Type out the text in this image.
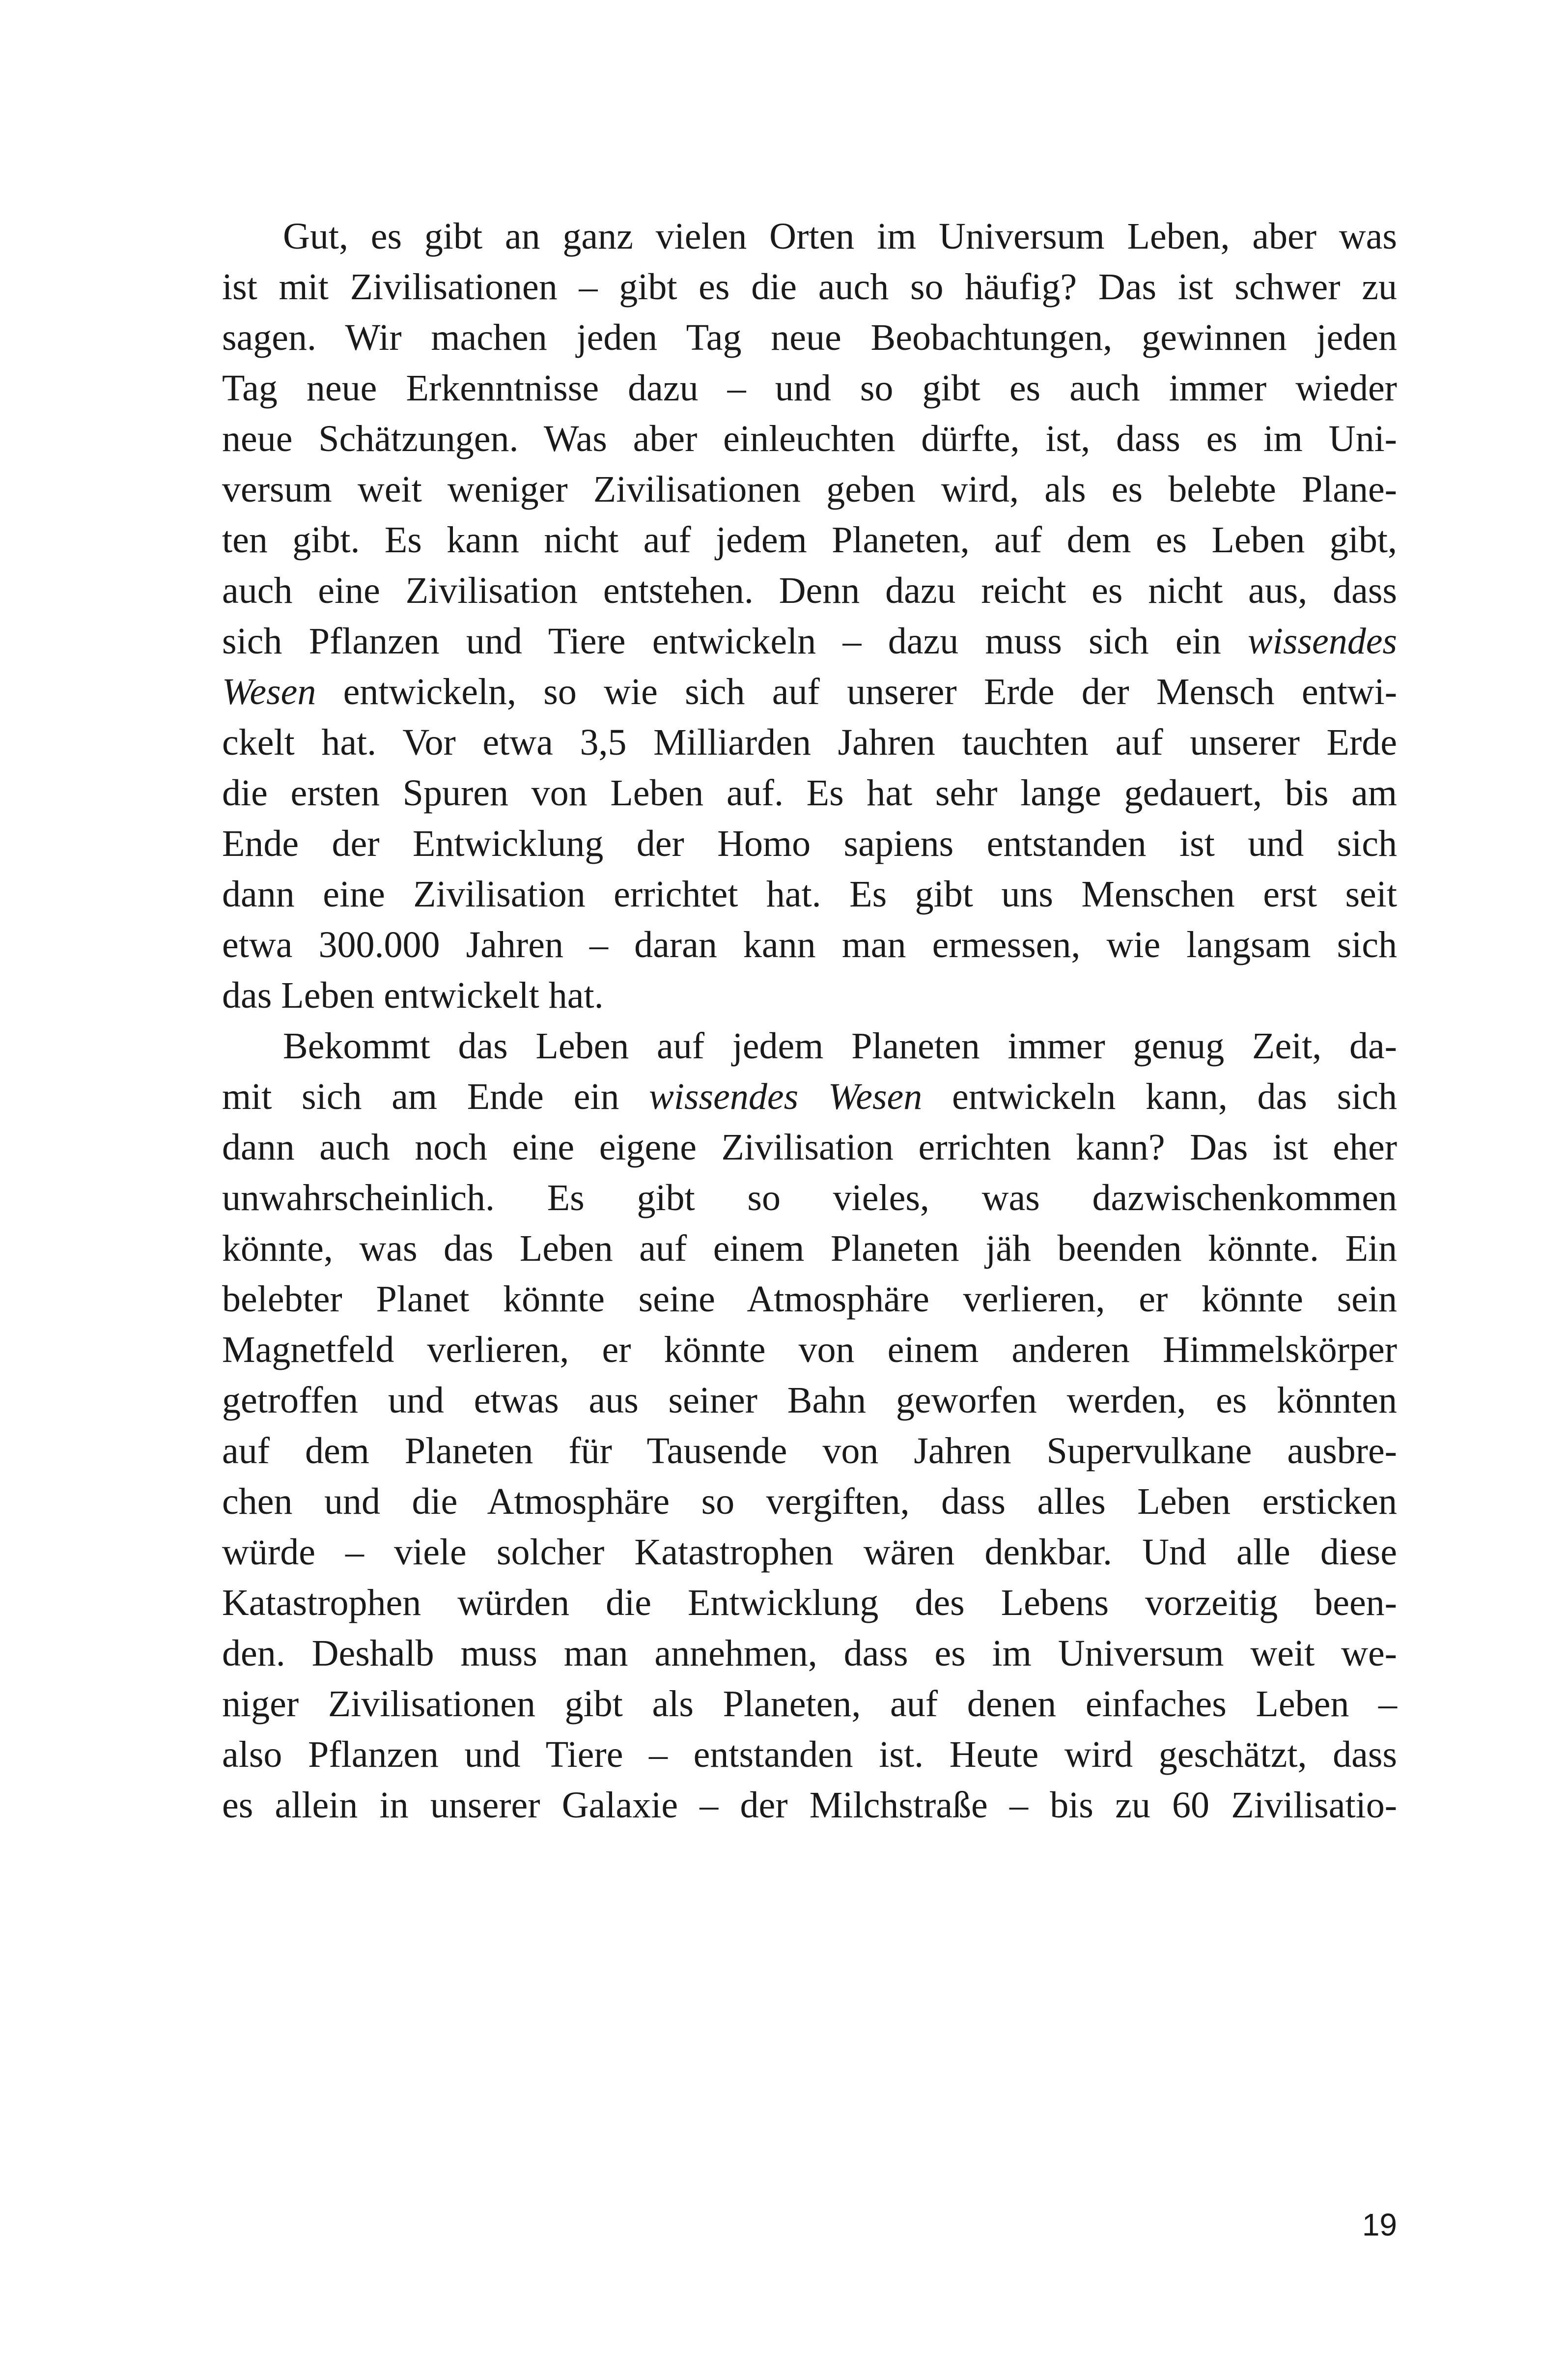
Gut, es gibt an ganz vielen Orten im Universum Leben, aber was
ist mit Zivilisationen – gibt es die auch so häufig? Das ist schwer zu
sagen. Wir machen jeden Tag neue Beobachtungen, gewinnen jeden
Tag neue Erkenntnisse dazu – und so gibt es auch immer wieder
neue Schätzungen. Was aber einleuchten dürfte, ist, dass es im Uni-
versum weit weniger Zivilisationen geben wird, als es belebte Plane-
ten gibt. Es kann nicht auf jedem Planeten, auf dem es Leben gibt,
auch eine Zivilisation entstehen. Denn dazu reicht es nicht aus, dass
sich Pflanzen und Tiere entwickeln – dazu muss sich ein wissendes
Wesen entwickeln, so wie sich auf unserer Erde der Mensch entwi-
ckelt hat. Vor etwa 3,5 Milliarden Jahren tauchten auf unserer Erde
die ersten Spuren von Leben auf. Es hat sehr lange gedauert, bis am
Ende der Entwicklung der Homo sapiens entstanden ist und sich
dann eine Zivilisation errichtet hat. Es gibt uns Menschen erst seit
etwa 300.000 Jahren – daran kann man ermessen, wie langsam sich
das Leben entwickelt hat.

Bekommt das Leben auf jedem Planeten immer genug Zeit, da-
mit sich am Ende ein wissendes Wesen entwickeln kann, das sich
dann auch noch eine eigene Zivilisation errichten kann? Das ist eher
unwahrscheinlich. Es gibt so vieles, was dazwischenkommen
könnte, was das Leben auf einem Planeten jäh beenden könnte. Ein
belebter Planet könnte seine Atmosphäre verlieren, er könnte sein
Magnetfeld verlieren, er könnte von einem anderen Himmelskörper
getroffen und etwas aus seiner Bahn geworfen werden, es könnten
auf dem Planeten für Tausende von Jahren Supervulkane ausbre-
chen und die Atmosphäre so vergiften, dass alles Leben ersticken
würde – viele solcher Katastrophen wären denkbar. Und alle diese
Katastrophen würden die Entwicklung des Lebens vorzeitig been-
den. Deshalb muss man annehmen, dass es im Universum weit we-
niger Zivilisationen gibt als Planeten, auf denen einfaches Leben –
also Pflanzen und Tiere – entstanden ist. Heute wird geschätzt, dass
es allein in unserer Galaxie – der Milchstraße – bis zu 60 Zivilisatio-

19
